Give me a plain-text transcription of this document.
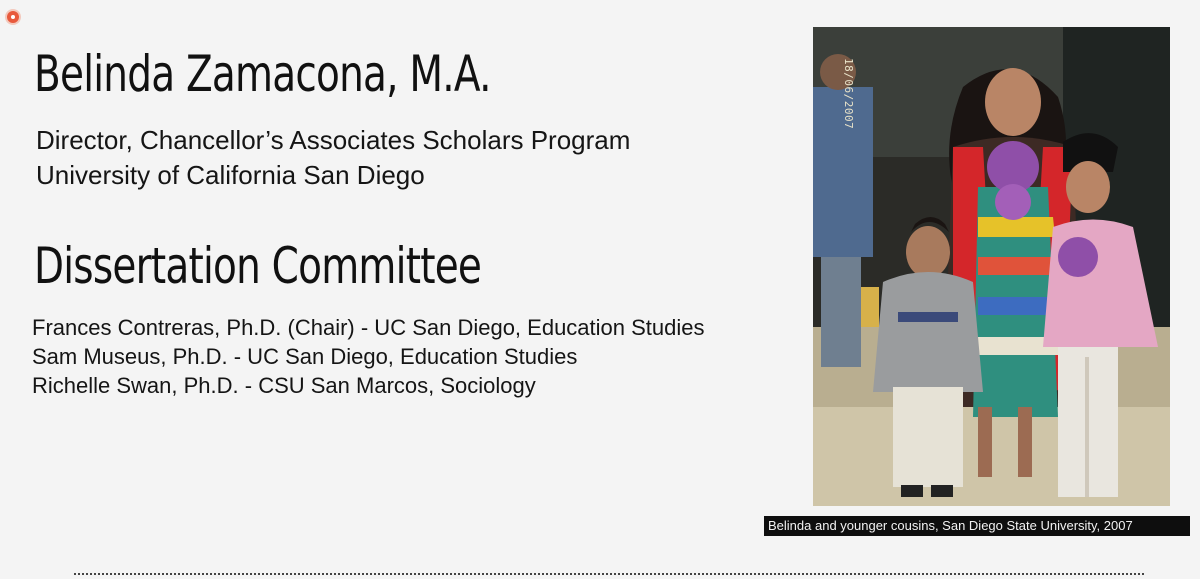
Belinda Zamacona, M.A.
Director, Chancellor’s Associates Scholars Program
University of California San Diego
Dissertation Committee
Frances Contreras, Ph.D. (Chair) - UC San Diego, Education Studies
Sam Museus, Ph.D. - UC San Diego, Education Studies
Richelle Swan, Ph.D. - CSU San Marcos, Sociology
18/06/2007
Belinda and younger cousins, San Diego State University, 2007
